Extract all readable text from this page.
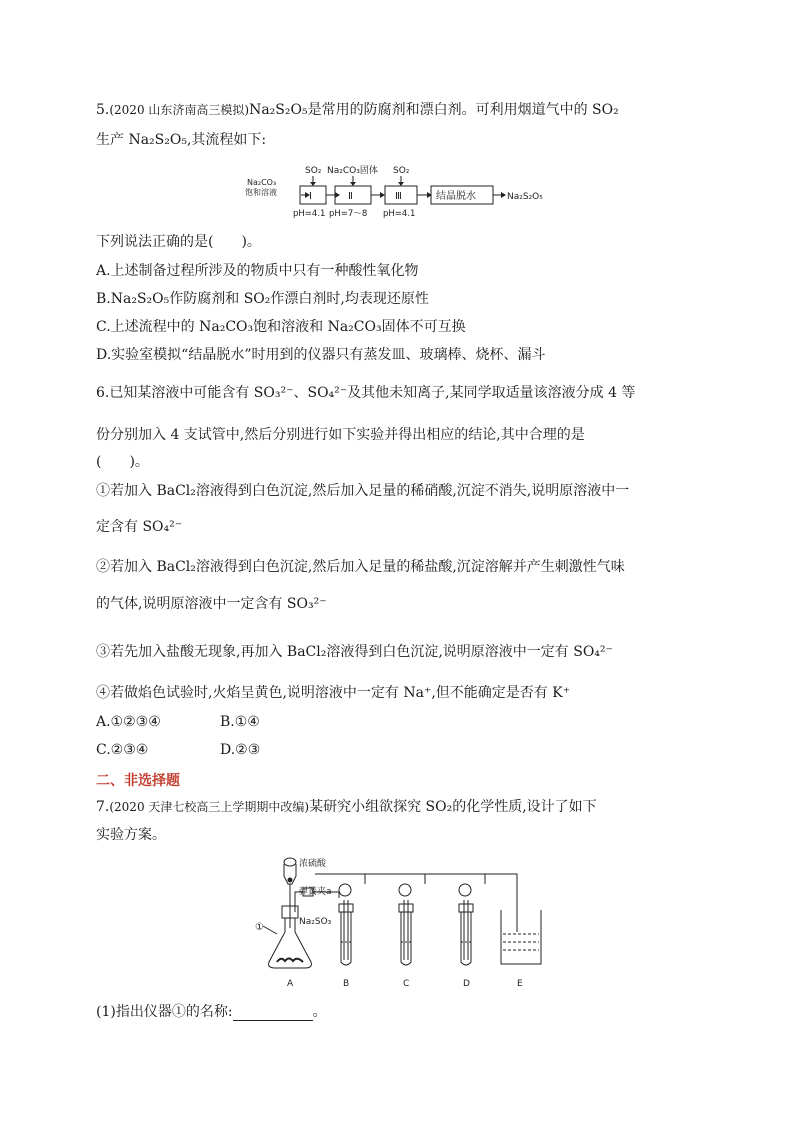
5.(2020 山东济南高三模拟)Na₂S₂O₅是常用的防腐剂和漂白剂。可利用烟道气中的 SO₂
生产 Na₂S₂O₅,其流程如下:
Na₂CO₃
饱和溶液
SO₂
Ⅰ
pH=4.1
Na₂CO₃固体
Ⅱ
pH=7～8
SO₂
Ⅲ
pH=4.1
结晶脱水	Na₂S₂O₅
下列说法正确的是(　　)。
A.上述制备过程所涉及的物质中只有一种酸性氧化物
B.Na₂S₂O₅作防腐剂和 SO₂作漂白剂时,均表现还原性
C.上述流程中的 Na₂CO₃饱和溶液和 Na₂CO₃固体不可互换
D.实验室模拟“结晶脱水”时用到的仪器只有蒸发皿、玻璃棒、烧杯、漏斗
6.已知某溶液中可能含有 SO₃²⁻、SO₄²⁻及其他未知离子,某同学取适量该溶液分成 4 等
份分别加入 4 支试管中,然后分别进行如下实验并得出相应的结论,其中合理的是
(　　)。
①若加入 BaCl₂溶液得到白色沉淀,然后加入足量的稀硝酸,沉淀不消失,说明原溶液中一
定含有 SO₄²⁻
②若加入 BaCl₂溶液得到白色沉淀,然后加入足量的稀盐酸,沉淀溶解并产生刺激性气味
的气体,说明原溶液中一定含有 SO₃²⁻
③若先加入盐酸无现象,再加入 BaCl₂溶液得到白色沉淀,说明原溶液中一定有 SO₄²⁻
④若做焰色试验时,火焰呈黄色,说明溶液中一定有 Na⁺,但不能确定是否有 K⁺
A.①②③④	B.①④
C.②③④	D.②③
二、非选择题
7.(2020 天津七校高三上学期期中改编)某研究小组欲探究 SO₂的化学性质,设计了如下
实验方案。
浓硫酸
弹簧夹a
Na₂SO₃
①
A	B	C	D	E
(1)指出仪器①的名称:	。
